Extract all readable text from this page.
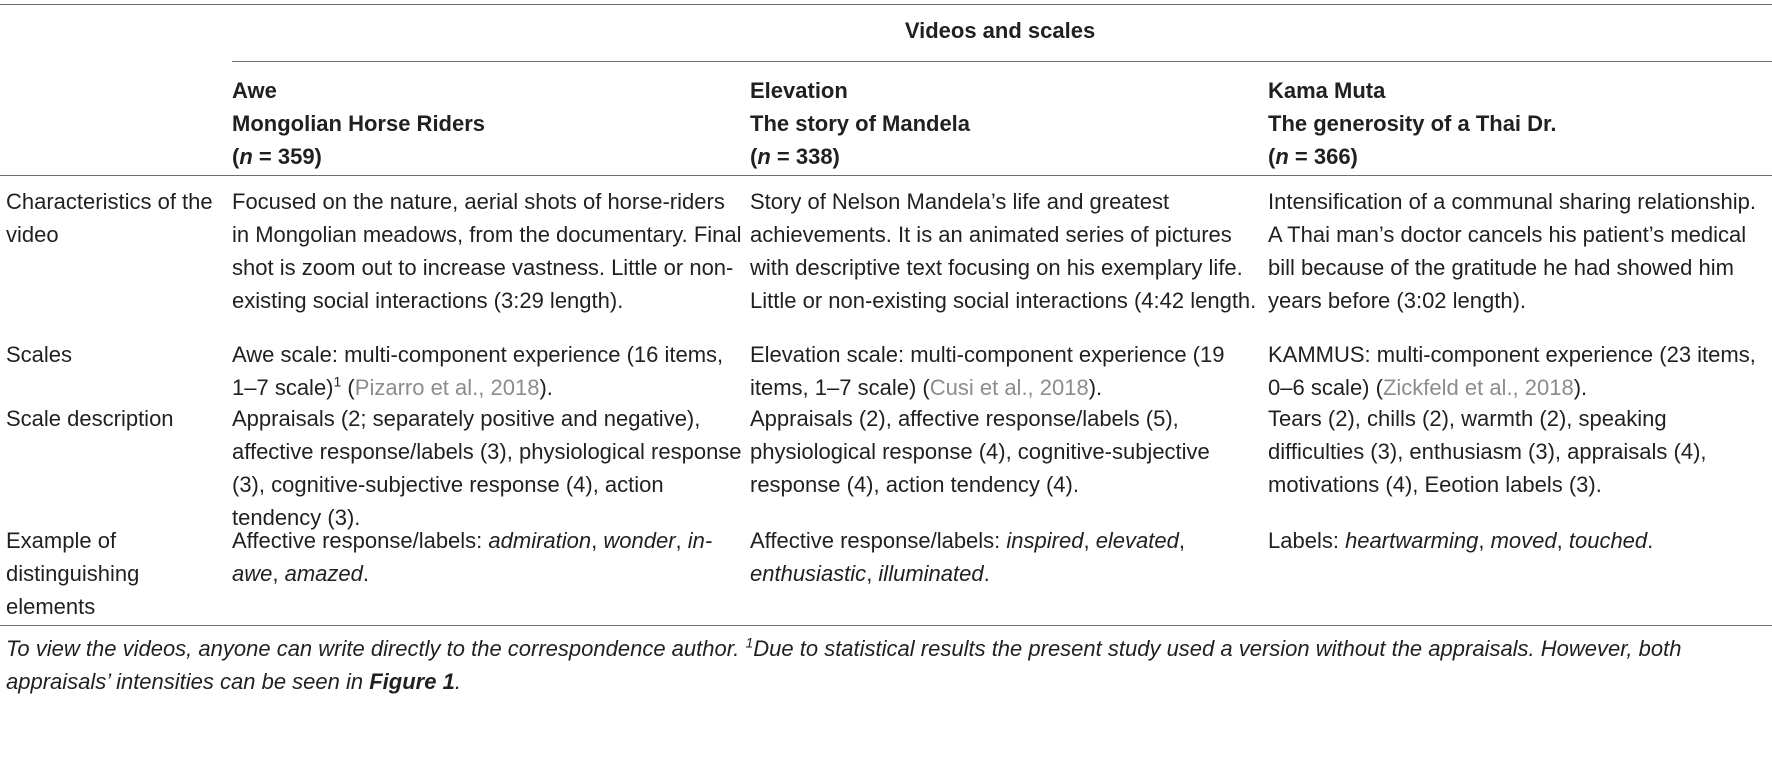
Videos and scales
Awe
Mongolian Horse Riders
(n = 359)
Elevation
The story of Mandela
(n = 338)
Kama Muta
The generosity of a Thai Dr.
(n = 366)
Characteristics of the video
Focused on the nature, aerial shots of horse-riders in Mongolian meadows, from the documentary. Final shot is zoom out to increase vastness. Little or non-existing social interactions (3:29 length).
Story of Nelson Mandela’s life and greatest achievements. It is an animated series of pictures with descriptive text focusing on his exemplary life. Little or non-existing social interactions (4:42 length.
Intensification of a communal sharing relationship. A Thai man’s doctor cancels his patient’s medical bill because of the gratitude he had showed him years before (3:02 length).
Scales	Awe scale: multi-component experience (16 items, 1–7 scale)$^1$ (Pizarro et al., 2018).
Elevation scale: multi-component experience (19 items, 1–7 scale) (Cusi et al., 2018).
KAMMUS: multi-component experience (23 items, 0–6 scale) (Zickfeld et al., 2018).
Scale description	Appraisals (2; separately positive and negative), affective response/labels (3), physiological response (3), cognitive-subjective response (4), action tendency (3).
Appraisals (2), affective response/labels (5), physiological response (4), cognitive-subjective response (4), action tendency (4).
Tears (2), chills (2), warmth (2), speaking difficulties (3), enthusiasm (3), appraisals (4), motivations (4), Eeotion labels (3).
Example of distinguishing elements
Affective response/labels: admiration, wonder, in-awe, amazed.
Affective response/labels: inspired, elevated, enthusiastic, illuminated.
Labels: heartwarming, moved, touched.
To view the videos, anyone can write directly to the correspondence author. $^1$Due to statistical results the present study used a version without the appraisals. However, both appraisals’ intensities can be seen in Figure 1.
